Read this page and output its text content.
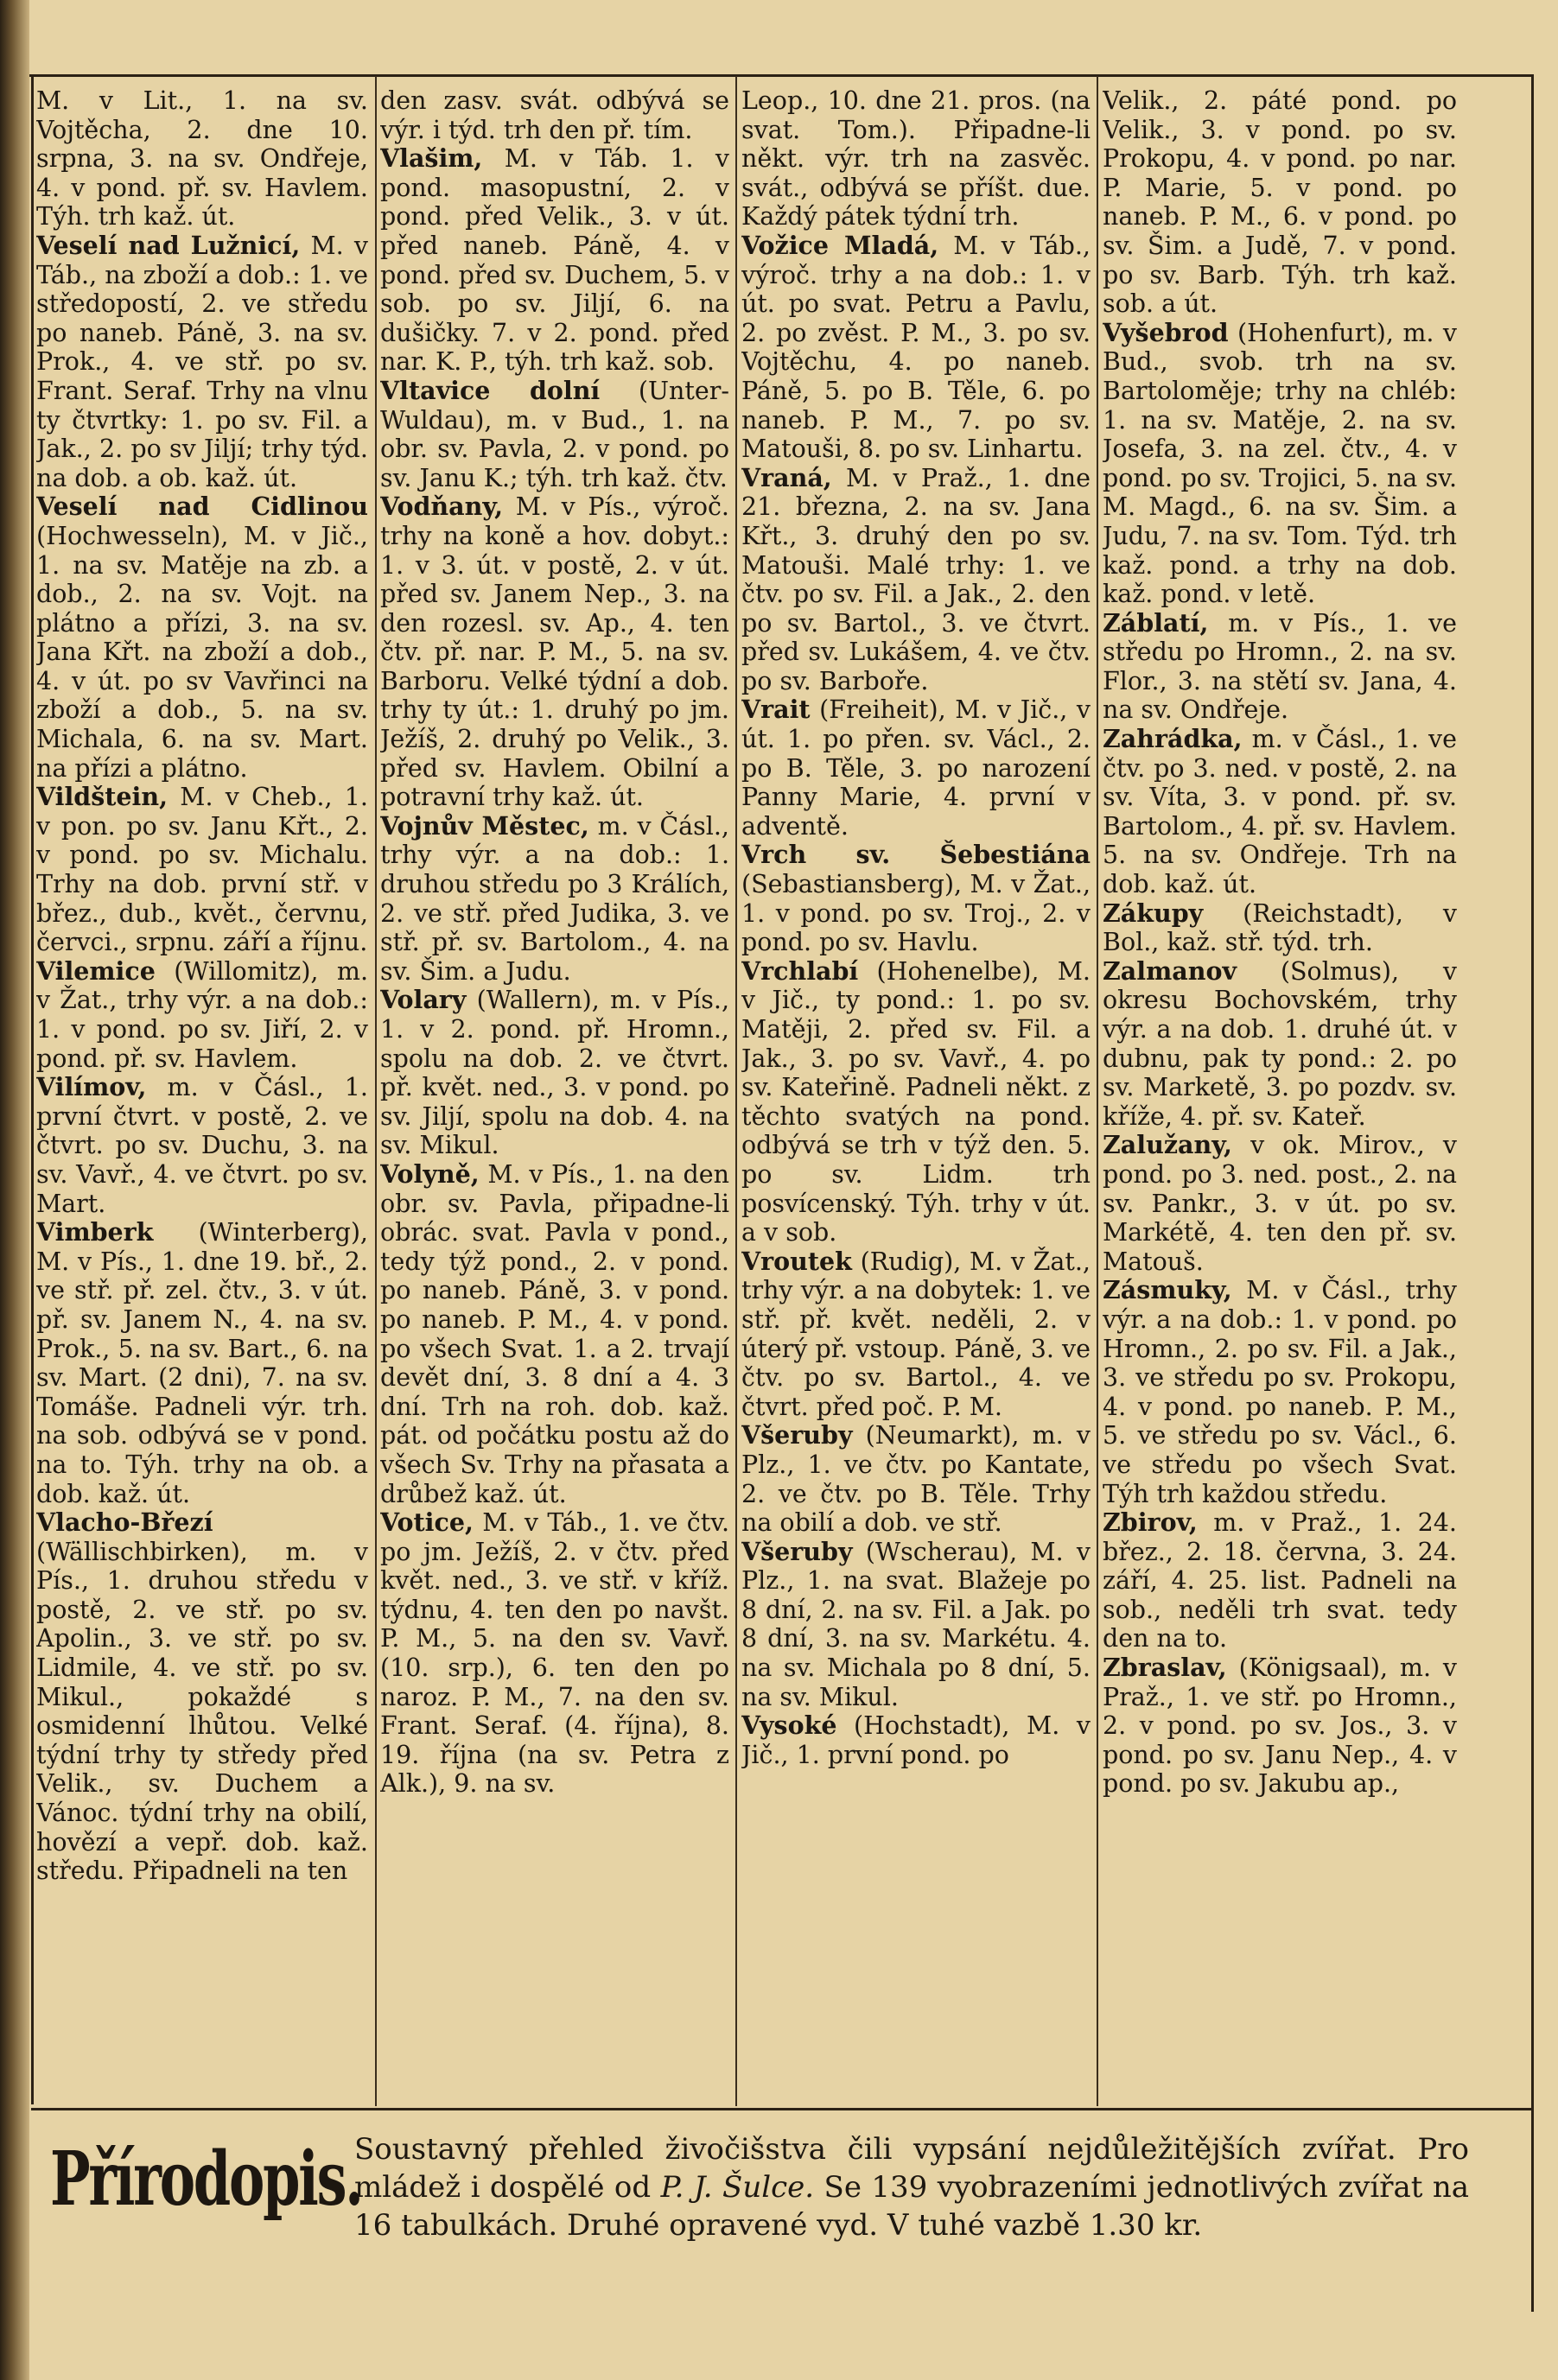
M. v Lit., 1. na sv. Vojtěcha, 2. dne 10. srpna, 3. na sv. Ondřeje, 4. v pond. př. sv. Havlem. Týh. trh kaž. út.

Veselí nad Lužnicí, M. v Táb., na zboží a dob.: 1. ve středopostí, 2. ve středu po naneb. Páně, 3. na sv. Prok., 4. ve stř. po sv. Frant. Seraf. Trhy na vlnu ty čtvrtky: 1. po sv. Fil. a Jak., 2. po sv Jiljí; trhy týd. na dob. a ob. kaž. út.

Veselí nad Cidlinou (Hochwesseln), M. v Jič., 1. na sv. Matěje na zb. a dob., 2. na sv. Vojt. na plátno a přízi, 3. na sv. Jana Křt. na zboží a dob., 4. v út. po sv Vavřinci na zboží a dob., 5. na sv. Michala, 6. na sv. Mart. na přízi a plátno.

Vildštein, M. v Cheb., 1. v pon. po sv. Janu Křt., 2. v pond. po sv. Michalu. Trhy na dob. první stř. v břez., dub., květ., červnu, červci., srpnu. září a říjnu.

Vilemice (Willomitz), m. v Žat., trhy výr. a na dob.: 1. v pond. po sv. Jiří, 2. v pond. př. sv. Havlem.

Vilímov, m. v Čásl., 1. první čtvrt. v postě, 2. ve čtvrt. po sv. Duchu, 3. na sv. Vavř., 4. ve čtvrt. po sv. Mart.

Vimberk (Winterberg), M. v Pís., 1. dne 19. bř., 2. ve stř. př. zel. čtv., 3. v út. př. sv. Janem N., 4. na sv. Prok., 5. na sv. Bart., 6. na sv. Mart. (2 dni), 7. na sv. Tomáše. Padneli výr. trh. na sob. odbývá se v pond. na to. Týh. trhy na ob. a dob. kaž. út.

Vlacho-Březí (Wällischbirken), m. v Pís., 1. druhou středu v postě, 2. ve stř. po sv. Apolin., 3. ve stř. po sv. Lidmile, 4. ve stř. po sv. Mikul., pokaždé s osmidenní lhůtou. Velké týdní trhy ty středy před Velik., sv. Duchem a Vánoc. týdní trhy na obilí, hovězí a vepř. dob. kaž. středu. Připadneli na ten

den zasv. svát. odbývá se výr. i týd. trh den př. tím.

Vlašim, M. v Táb. 1. v pond. masopustní, 2. v pond. před Velik., 3. v út. před naneb. Páně, 4. v pond. před sv. Duchem, 5. v sob. po sv. Jiljí, 6. na dušičky. 7. v 2. pond. před nar. K. P., týh. trh kaž. sob.

Vltavice dolní (Unter-Wuldau), m. v Bud., 1. na obr. sv. Pavla, 2. v pond. po sv. Janu K.; týh. trh kaž. čtv.

Vodňany, M. v Pís., výroč. trhy na koně a hov. dobyt.: 1. v 3. út. v postě, 2. v út. před sv. Janem Nep., 3. na den rozesl. sv. Ap., 4. ten čtv. př. nar. P. M., 5. na sv. Barboru. Velké týdní a dob. trhy ty út.: 1. druhý po jm. Ježíš, 2. druhý po Velik., 3. před sv. Havlem. Obilní a potravní trhy kaž. út.

Vojnův Městec, m. v Čásl., trhy výr. a na dob.: 1. druhou středu po 3 Králích, 2. ve stř. před Judika, 3. ve stř. př. sv. Bartolom., 4. na sv. Šim. a Judu.

Volary (Wallern), m. v Pís., 1. v 2. pond. př. Hromn., spolu na dob. 2. ve čtvrt. př. květ. ned., 3. v pond. po sv. Jiljí, spolu na dob. 4. na sv. Mikul.

Volyně, M. v Pís., 1. na den obr. sv. Pavla, připadne-li obrác. svat. Pavla v pond., tedy týž pond., 2. v pond. po naneb. Páně, 3. v pond. po naneb. P. M., 4. v pond. po všech Svat. 1. a 2. trvají devět dní, 3. 8 dní a 4. 3 dní. Trh na roh. dob. kaž. pát. od počátku postu až do všech Sv. Trhy na přasata a drůbež kaž. út.

Votice, M. v Táb., 1. ve čtv. po jm. Ježíš, 2. v čtv. před květ. ned., 3. ve stř. v kříž. týdnu, 4. ten den po navšt. P. M., 5. na den sv. Vavř. (10. srp.), 6. ten den po naroz. P. M., 7. na den sv. Frant. Seraf. (4. října), 8. 19. října (na sv. Petra z Alk.), 9. na sv.

Leop., 10. dne 21. pros. (na svat. Tom.). Připadne-li někt. výr. trh na zasvěc. svát., odbývá se příšt. due. Každý pátek týdní trh.

Vožice Mladá, M. v Táb., výroč. trhy a na dob.: 1. v út. po svat. Petru a Pavlu, 2. po zvěst. P. M., 3. po sv. Vojtěchu, 4. po naneb. Páně, 5. po B. Těle, 6. po naneb. P. M., 7. po sv. Matouši, 8. po sv. Linhartu.

Vraná, M. v Praž., 1. dne 21. března, 2. na sv. Jana Křt., 3. druhý den po sv. Matouši. Malé trhy: 1. ve čtv. po sv. Fil. a Jak., 2. den po sv. Bartol., 3. ve čtvrt. před sv. Lukášem, 4. ve čtv. po sv. Barboře.

Vrait (Freiheit), M. v Jič., v út. 1. po přen. sv. Václ., 2. po B. Těle, 3. po narození Panny Marie, 4. první v adventě.

Vrch sv. Šebestiána (Sebastiansberg), M. v Žat., 1. v pond. po sv. Troj., 2. v pond. po sv. Havlu.

Vrchlabí (Hohenelbe), M. v Jič., ty pond.: 1. po sv. Matěji, 2. před sv. Fil. a Jak., 3. po sv. Vavř., 4. po sv. Kateřině. Padneli někt. z těchto svatých na pond. odbývá se trh v týž den. 5. po sv. Lidm. trh posvícenský. Týh. trhy v út. a v sob.

Vroutek (Rudig), M. v Žat., trhy výr. a na dobytek: 1. ve stř. př. květ. neděli, 2. v úterý př. vstoup. Páně, 3. ve čtv. po sv. Bartol., 4. ve čtvrt. před poč. P. M.

Všeruby (Neumarkt), m. v Plz., 1. ve čtv. po Kantate, 2. ve čtv. po B. Těle. Trhy na obilí a dob. ve stř.

Všeruby (Wscherau), M. v Plz., 1. na svat. Blažeje po 8 dní, 2. na sv. Fil. a Jak. po 8 dní, 3. na sv. Markétu. 4. na sv. Michala po 8 dní, 5. na sv. Mikul.

Vysoké (Hochstadt), M. v Jič., 1. první pond. po

Velik., 2. páté pond. po Velik., 3. v pond. po sv. Prokopu, 4. v pond. po nar. P. Marie, 5. v pond. po naneb. P. M., 6. v pond. po sv. Šim. a Judě, 7. v pond. po sv. Barb. Týh. trh kaž. sob. a út.

Vyšebrod (Hohenfurt), m. v Bud., svob. trh na sv. Bartoloměje; trhy na chléb: 1. na sv. Matěje, 2. na sv. Josefa, 3. na zel. čtv., 4. v pond. po sv. Trojici, 5. na sv. M. Magd., 6. na sv. Šim. a Judu, 7. na sv. Tom. Týd. trh kaž. pond. a trhy na dob. kaž. pond. v letě.

Záblatí, m. v Pís., 1. ve středu po Hromn., 2. na sv. Flor., 3. na stětí sv. Jana, 4. na sv. Ondřeje.

Zahrádka, m. v Čásl., 1. ve čtv. po 3. ned. v postě, 2. na sv. Víta, 3. v pond. př. sv. Bartolom., 4. př. sv. Havlem. 5. na sv. Ondřeje. Trh na dob. kaž. út.

Zákupy (Reichstadt), v Bol., kaž. stř. týd. trh.

Zalmanov (Solmus), v okresu Bochovském, trhy výr. a na dob. 1. druhé út. v dubnu, pak ty pond.: 2. po sv. Marketě, 3. po pozdv. sv. kříže, 4. př. sv. Kateř.

Zalužany, v ok. Mirov., v pond. po 3. ned. post., 2. na sv. Pankr., 3. v út. po sv. Markétě, 4. ten den př. sv. Matouš.

Zásmuky, M. v Čásl., trhy výr. a na dob.: 1. v pond. po Hromn., 2. po sv. Fil. a Jak., 3. ve středu po sv. Prokopu, 4. v pond. po naneb. P. M., 5. ve středu po sv. Václ., 6. ve středu po všech Svat. Týh trh každou středu.

Zbirov, m. v Praž., 1. 24. břez., 2. 18. června, 3. 24. září, 4. 25. list. Padneli na sob., neděli trh svat. tedy den na to.

Zbraslav, (Königsaal), m. v Praž., 1. ve stř. po Hromn., 2. v pond. po sv. Jos., 3. v pond. po sv. Janu Nep., 4. v pond. po sv. Jakubu ap.,

Přírodopis.
Soustavný přehled živočišstva čili vypsání nejdůležitějších zvířat. Pro mládež i dospělé od P. J. Šulce. Se 139 vyobrazeními jednotlivých zvířat na 16 tabulkách. Druhé opravené vyd. V tuhé vazbě 1.30 kr.
